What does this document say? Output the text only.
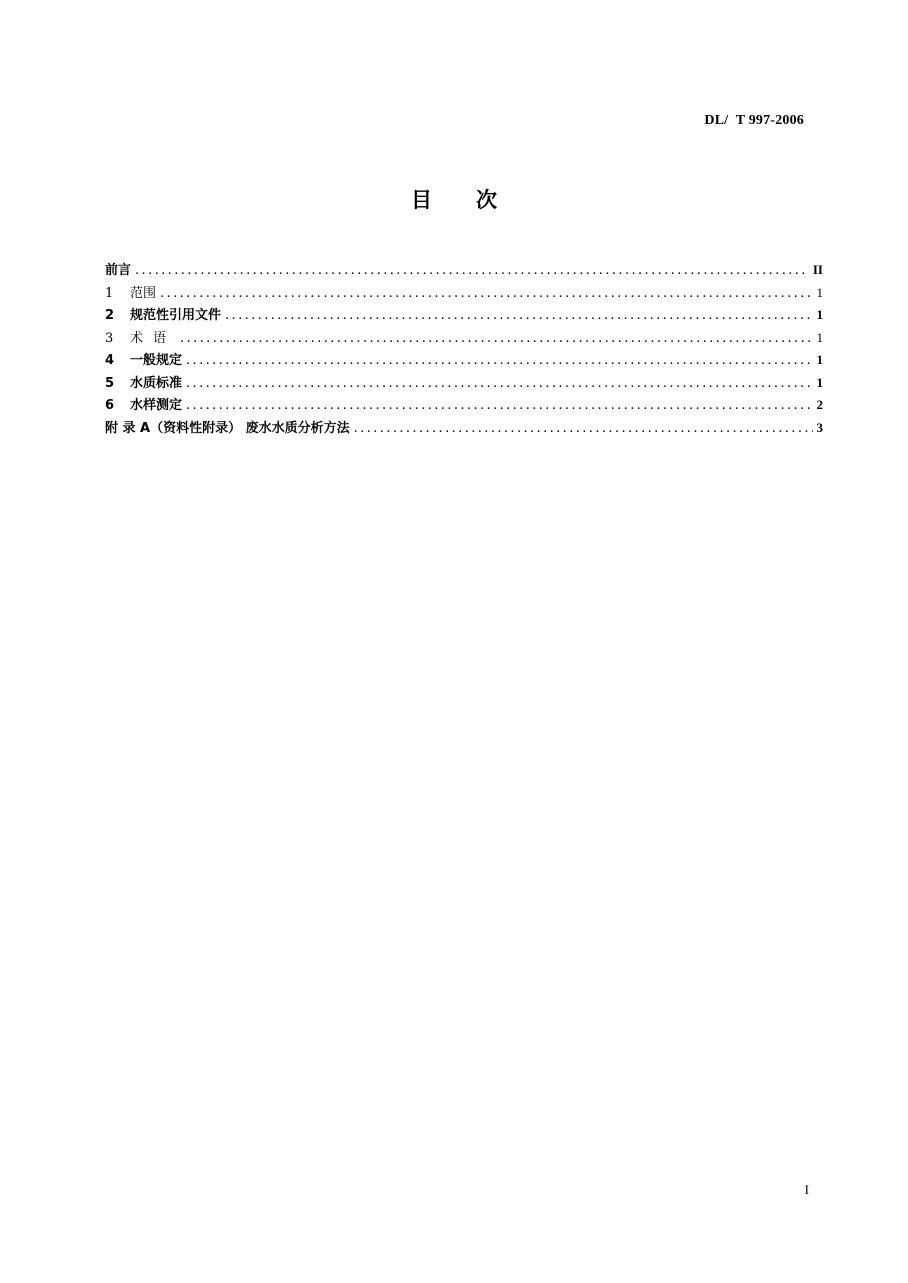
DL/  T 997-2006
目次
前言 .....	II
1	范围 .....	1
2	规范性引用文件 .....	1
3	术语 .....	1
4	一般规定 .....	1
5	水质标准 .....	1
6	水样测定 .....	2
附 录 A（资料性附录） 废水水质分析方法 .....	3
I
